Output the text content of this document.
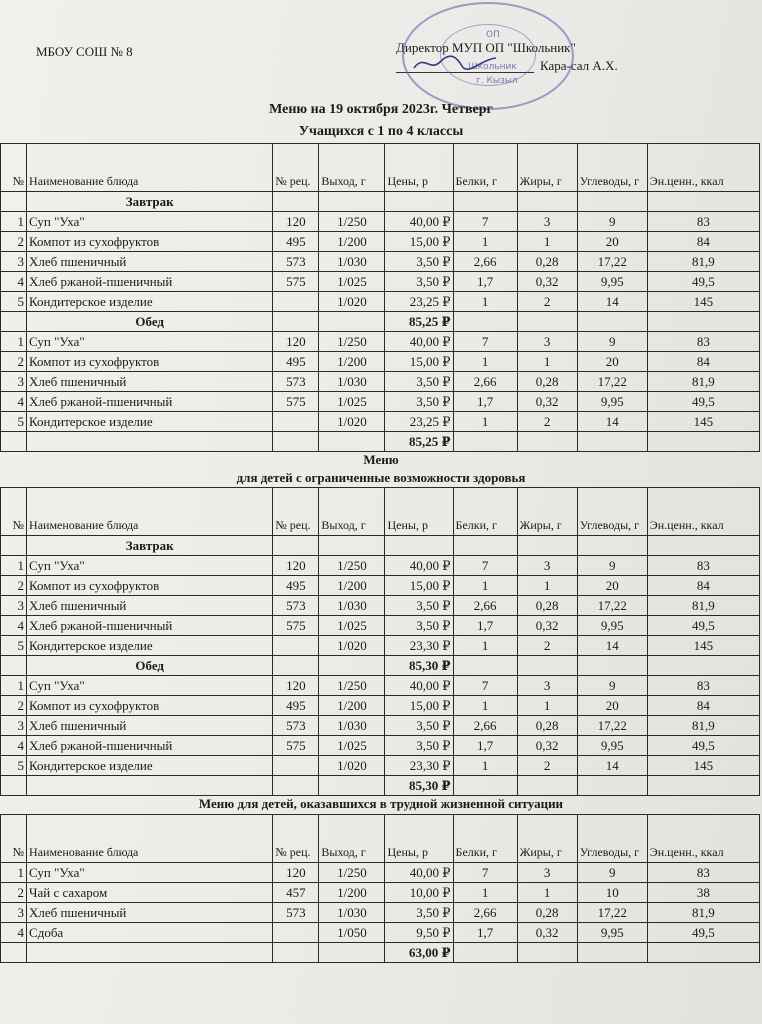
МБОУ СОШ № 8	Директор МУП ОП "Школьник"
Кара-сал А.Х.
ОП
Школьник
г. Кызыл
Меню на 19 октября 2023г. Четверг
Учащихся с 1 по 4 классы
№	Наименование блюда	№ рец.	Выход, г	Цены, р	Белки, г	Жиры, г	Углеводы, г	Эн.ценн., ккал
	Завтрак							
1	Суп "Уха"	120	1/250	40,00 ₽	7	3	9	83
2	Компот из сухофруктов	495	1/200	15,00 ₽	1	1	20	84
3	Хлеб пшеничный	573	1/030	3,50 ₽	2,66	0,28	17,22	81,9
4	Хлеб ржаной-пшеничный	575	1/025	3,50 ₽	1,7	0,32	9,95	49,5
5	Кондитерское изделие		1/020	23,25 ₽	1	2	14	145
	Обед			85,25 ₽				
1	Суп "Уха"	120	1/250	40,00 ₽	7	3	9	83
2	Компот из сухофруктов	495	1/200	15,00 ₽	1	1	20	84
3	Хлеб пшеничный	573	1/030	3,50 ₽	2,66	0,28	17,22	81,9
4	Хлеб ржаной-пшеничный	575	1/025	3,50 ₽	1,7	0,32	9,95	49,5
5	Кондитерское изделие		1/020	23,25 ₽	1	2	14	145
				85,25 ₽				
Меню
для детей с ограниченные возможности здоровья
№	Наименование блюда	№ рец.	Выход, г	Цены, р	Белки, г	Жиры, г	Углеводы, г	Эн.ценн., ккал
	Завтрак							
1	Суп "Уха"	120	1/250	40,00 ₽	7	3	9	83
2	Компот из сухофруктов	495	1/200	15,00 ₽	1	1	20	84
3	Хлеб пшеничный	573	1/030	3,50 ₽	2,66	0,28	17,22	81,9
4	Хлеб ржаной-пшеничный	575	1/025	3,50 ₽	1,7	0,32	9,95	49,5
5	Кондитерское изделие		1/020	23,30 ₽	1	2	14	145
	Обед			85,30 ₽				
1	Суп "Уха"	120	1/250	40,00 ₽	7	3	9	83
2	Компот из сухофруктов	495	1/200	15,00 ₽	1	1	20	84
3	Хлеб пшеничный	573	1/030	3,50 ₽	2,66	0,28	17,22	81,9
4	Хлеб ржаной-пшеничный	575	1/025	3,50 ₽	1,7	0,32	9,95	49,5
5	Кондитерское изделие		1/020	23,30 ₽	1	2	14	145
				85,30 ₽				
Меню для детей, оказавшихся в трудной жизненной ситуации
№	Наименование блюда	№ рец.	Выход, г	Цены, р	Белки, г	Жиры, г	Углеводы, г	Эн.ценн., ккал
1	Суп "Уха"	120	1/250	40,00 ₽	7	3	9	83
2	Чай с сахаром	457	1/200	10,00 ₽	1	1	10	38
3	Хлеб пшеничный	573	1/030	3,50 ₽	2,66	0,28	17,22	81,9
4	Сдоба		1/050	9,50 ₽	1,7	0,32	9,95	49,5
				63,00 ₽				
